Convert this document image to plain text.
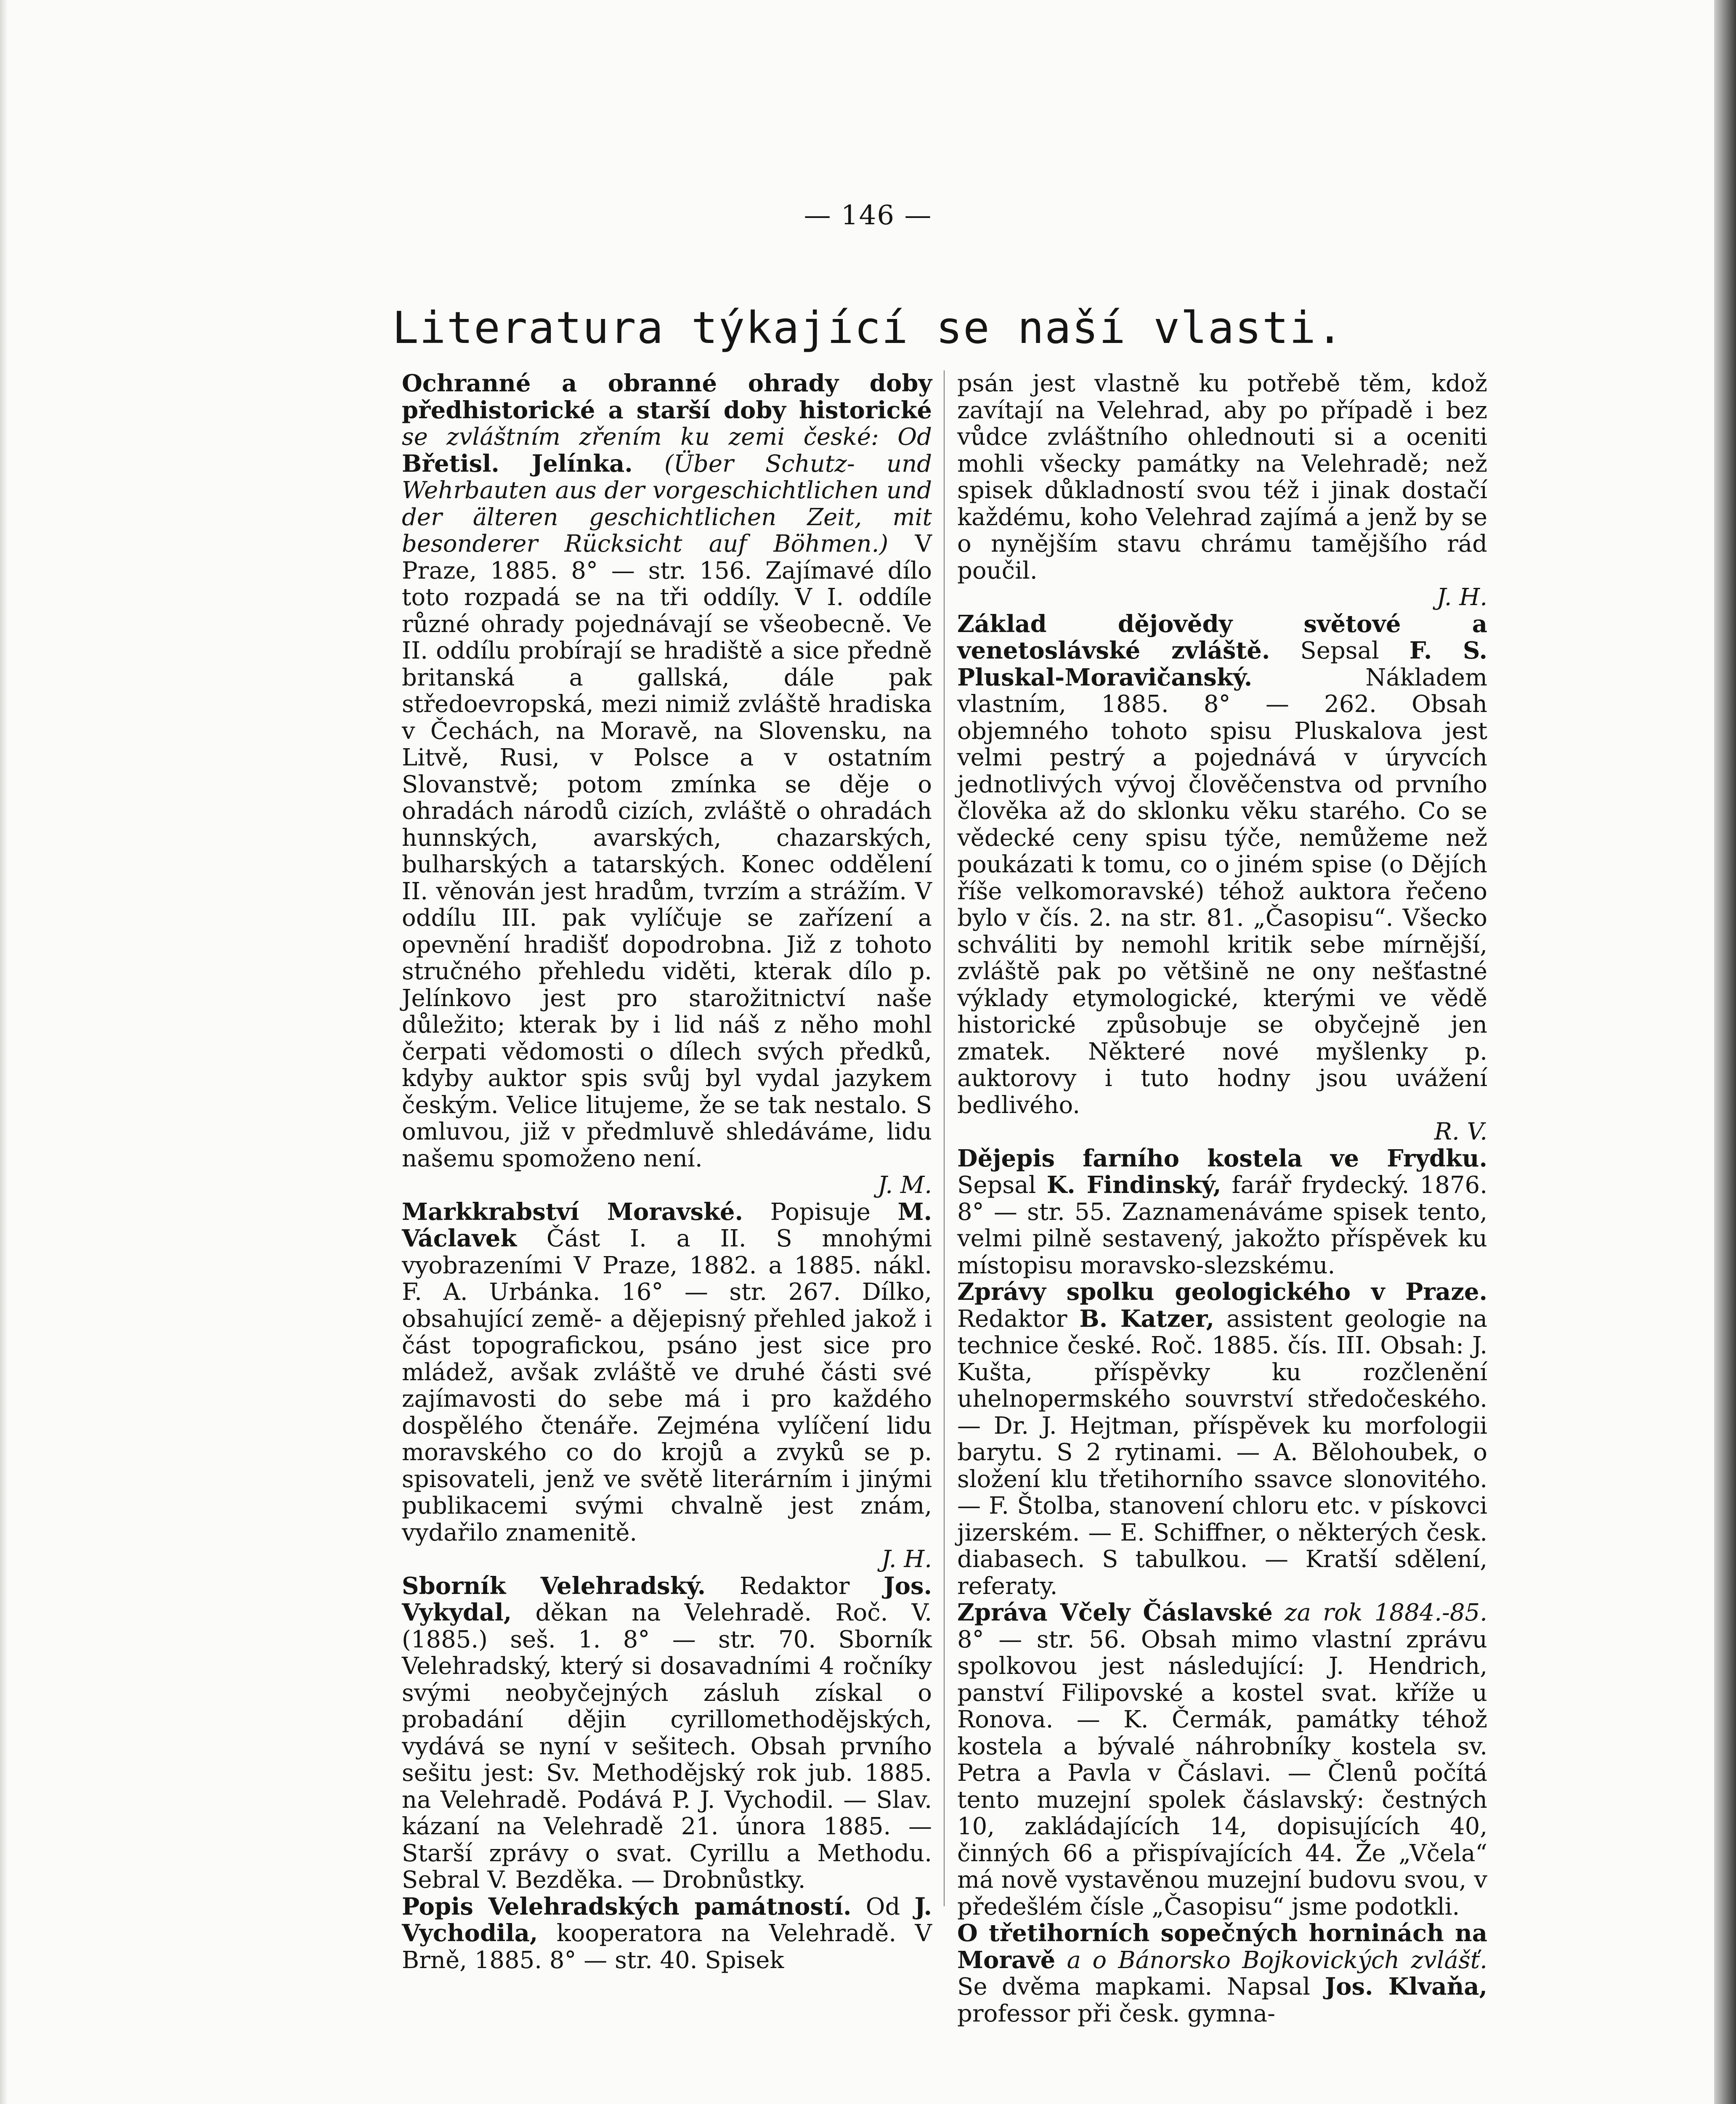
— 146 —
Literatura týkající se naší vlasti.

Ochranné a obranné ohrady doby předhistorické a starší doby historické se zvláštním zřením ku zemi české: Od Břetisl. Jelínka. (Über Schutz- und Wehrbauten aus der vorgeschichtlichen und der älteren geschichtlichen Zeit, mit besonderer Rücksicht auf Böhmen.) V Praze, 1885. 8° — str. 156. Zajímavé dílo toto rozpadá se na tři oddíly. V I. oddíle různé ohrady pojednávají se všeobecně. Ve II. oddílu probírají se hradiště a sice předně britanská a gallská, dále pak středoevropská, mezi nimiž zvláště hradiska v Čechách, na Moravě, na Slovensku, na Litvě, Rusi, v Polsce a v ostatním Slovanstvě; potom zmínka se děje o ohradách národů cizích, zvláště o ohradách hunnských, avarských, chazarských, bulharských a tatarských. Konec oddělení II. věnován jest hradům, tvrzím a strážím. V oddílu III. pak vylíčuje se zařízení a opevnění hradišť dopodrobna. Již z tohoto stručného přehledu viděti, kterak dílo p. Jelínkovo jest pro starožitnictví naše důležito; kterak by i lid náš z něho mohl čerpati vědomosti o dílech svých předků, kdyby auktor spis svůj byl vydal jazykem českým. Velice litujeme, že se tak nestalo. S omluvou, již v předmluvě shledáváme, lidu našemu spomoženo není.

J. M.

Markkrabství Moravské. Popisuje M. Václavek Část I. a II. S mnohými vyobrazeními V Praze, 1882. a 1885. nákl. F. A. Urbánka. 16° — str. 267. Dílko, obsahující země- a dějepisný přehled jakož i část topografickou, psáno jest sice pro mládež, avšak zvláště ve druhé části své zajímavosti do sebe má i pro každého dospělého čtenáře. Zejména vylíčení lidu moravského co do krojů a zvyků se p. spisovateli, jenž ve světě literárním i jinými publikacemi svými chvalně jest znám, vydařilo znamenitě.

J. H.

Sborník Velehradský. Redaktor Jos. Vykydal, děkan na Velehradě. Roč. V. (1885.) seš. 1. 8° — str. 70. Sborník Velehradský, který si dosavadními 4 ročníky svými neobyčejných zásluh získal o probadání dějin cyrillomethodějských, vydává se nyní v sešitech. Obsah prvního sešitu jest: Sv. Methodějský rok jub. 1885. na Velehradě. Podává P. J. Vychodil. — Slav. kázaní na Velehradě 21. února 1885. — Starší zprávy o svat. Cyrillu a Methodu. Sebral V. Bezděka. — Drobnůstky.

Popis Velehradských památností. Od J. Vychodila, kooperatora na Velehradě. V Brně, 1885. 8° — str. 40. Spisek

psán jest vlastně ku potřebě těm, kdož zavítají na Velehrad, aby po případě i bez vůdce zvláštního ohlednouti si a oceniti mohli všecky památky na Velehradě; než spisek důkladností svou též i jinak dostačí každému, koho Velehrad zajímá a jenž by se o nynějším stavu chrámu tamějšího rád poučil.

J. H.

Základ dějovědy světové a venetoslávské zvláště. Sepsal F. S. Pluskal-Moravičanský.	Nákladem vlastním, 1885. 8° — 262. Obsah objemného tohoto spisu Pluskalova jest velmi pestrý a pojednává v úryvcích jednotlivých vývoj člověčenstva od prvního člověka až do sklonku věku starého. Co se vědecké ceny spisu týče, nemůžeme než poukázati k tomu, co o jiném spise (o Dějích říše velkomoravské) téhož auktora řečeno bylo v čís. 2. na str. 81. „Časopisu“. Všecko schváliti by nemohl kritik sebe mírnější, zvláště pak po většině ne ony nešťastné výklady etymologické, kterými ve vědě historické způsobuje se obyčejně jen zmatek. Některé nové myšlenky p. auktorovy i tuto hodny jsou uvážení bedlivého.

R. V.

Dějepis farního kostela ve Frydku. Sepsal K. Findinský, farář frydecký. 1876. 8° — str. 55. Zaznamenáváme spisek tento, velmi pilně sestavený, jakožto příspěvek ku místopisu moravsko-slezskému.

Zprávy spolku geologického v Praze. Redaktor B. Katzer, assistent geologie na technice české. Roč. 1885. čís. III. Obsah: J. Kušta, příspěvky ku rozčlenění uhelnopermského souvrství středočeského. — Dr. J. Hejtman, příspěvek ku morfologii barytu. S 2 rytinami. — A. Bělohoubek, o složení klu třetihorního ssavce slonovitého. — F. Štolba, stanovení chloru etc. v pískovci jizerském. — E. Schiffner, o některých česk. diabasech. S tabulkou. — Kratší sdělení, referaty.

Zpráva Včely Čáslavské za rok 1884.-85. 8° — str. 56. Obsah mimo vlastní zprávu spolkovou jest následující: J. Hendrich, panství Filipovské a kostel svat. kříže u Ronova. — K. Čermák, památky téhož kostela a bývalé náhrobníky kostela sv. Petra a Pavla v Čáslavi. — Členů počítá tento muzejní spolek čáslavský: čestných 10, zakládajících 14, dopisujících 40, činných 66 a přispívajících 44. Že „Včela“ má nově vystavěnou muzejní budovu svou, v předešlém čísle „Časopisu“ jsme podotkli.

O třetihorních sopečných horninách na Moravě a o Bánorsko Bojkovických zvlášť. Se dvěma mapkami. Napsal Jos. Klvaňa, professor při česk. gymna-
